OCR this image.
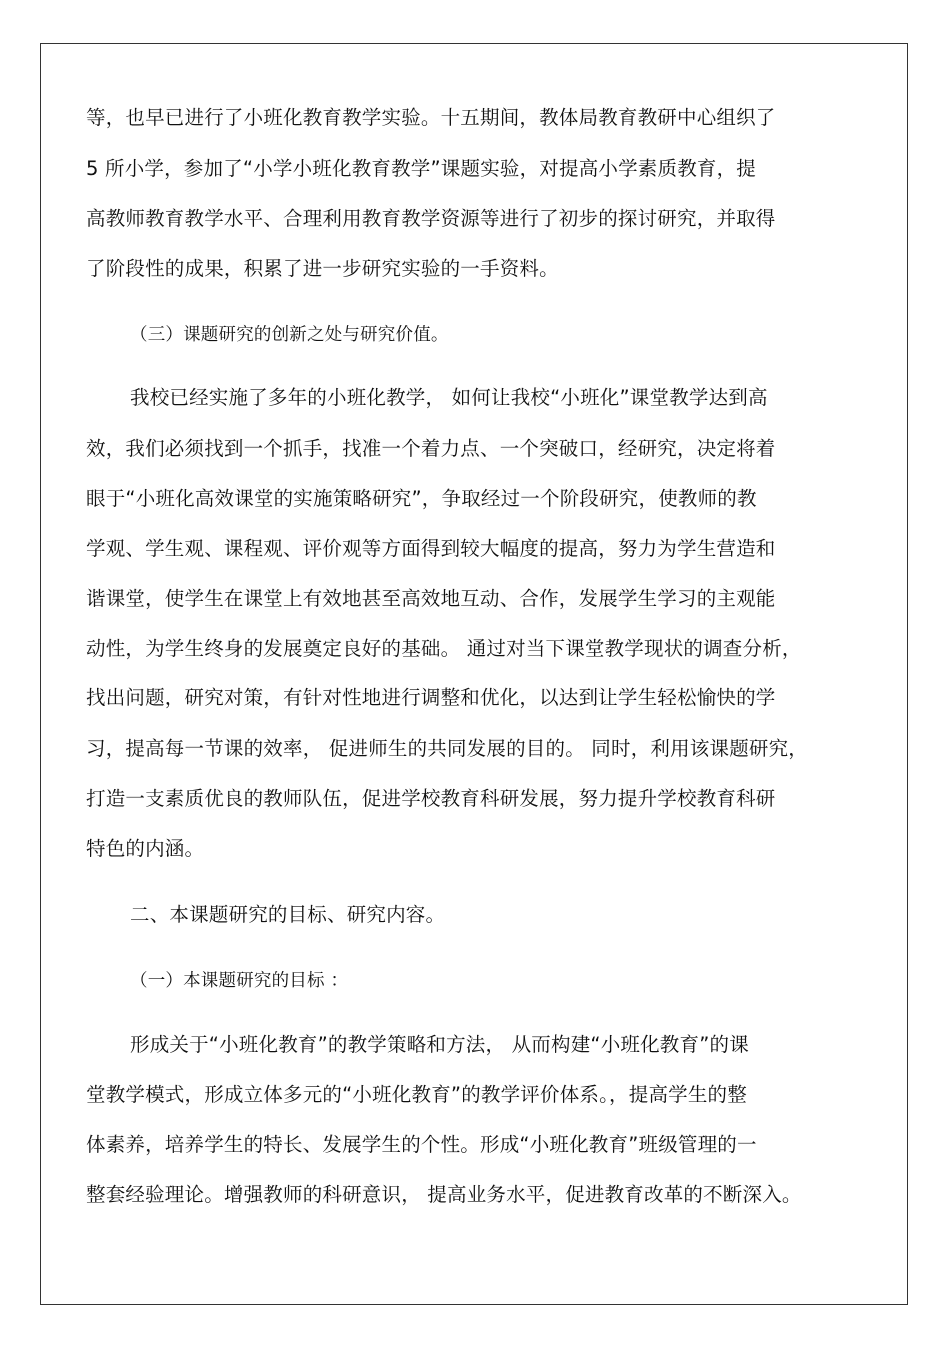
等，也早已进行了小班化教育教学实验。十五期间，教体局教育教研中心组织了
5 所小学，参加了“小学小班化教育教学”课题实验，对提高小学素质教育，提
高教师教育教学水平、合理利用教育教学资源等进行了初步的探讨研究，并取得
了阶段性的成果，积累了进一步研究实验的一手资料。
（三）课题研究的创新之处与研究价值。
我校已经实施了多年的小班化教学， 如何让我校“小班化”课堂教学达到高
效，我们必须找到一个抓手，找准一个着力点、一个突破口，经研究，决定将着
眼于“小班化高效课堂的实施策略研究”，争取经过一个阶段研究，使教师的教
学观、学生观、课程观、评价观等方面得到较大幅度的提高，努力为学生营造和
谐课堂，使学生在课堂上有效地甚至高效地互动、合作，发展学生学习的主观能
动性，为学生终身的发展奠定良好的基础。 通过对当下课堂教学现状的调查分析，
找出问题，研究对策，有针对性地进行调整和优化，以达到让学生轻松愉快的学
习，提高每一节课的效率， 促进师生的共同发展的目的。 同时，利用该课题研究，
打造一支素质优良的教师队伍，促进学校教育科研发展，努力提升学校教育科研
特色的内涵。
二、本课题研究的目标、研究内容。
（一）本课题研究的目标 ：
形成关于“小班化教育”的教学策略和方法， 从而构建“小班化教育”的课
堂教学模式，形成立体多元的“小班化教育”的教学评价体系。，提高学生的整
体素养，培养学生的特长、发展学生的个性。形成“小班化教育”班级管理的一
整套经验理论。增强教师的科研意识， 提高业务水平，促进教育改革的不断深入。
